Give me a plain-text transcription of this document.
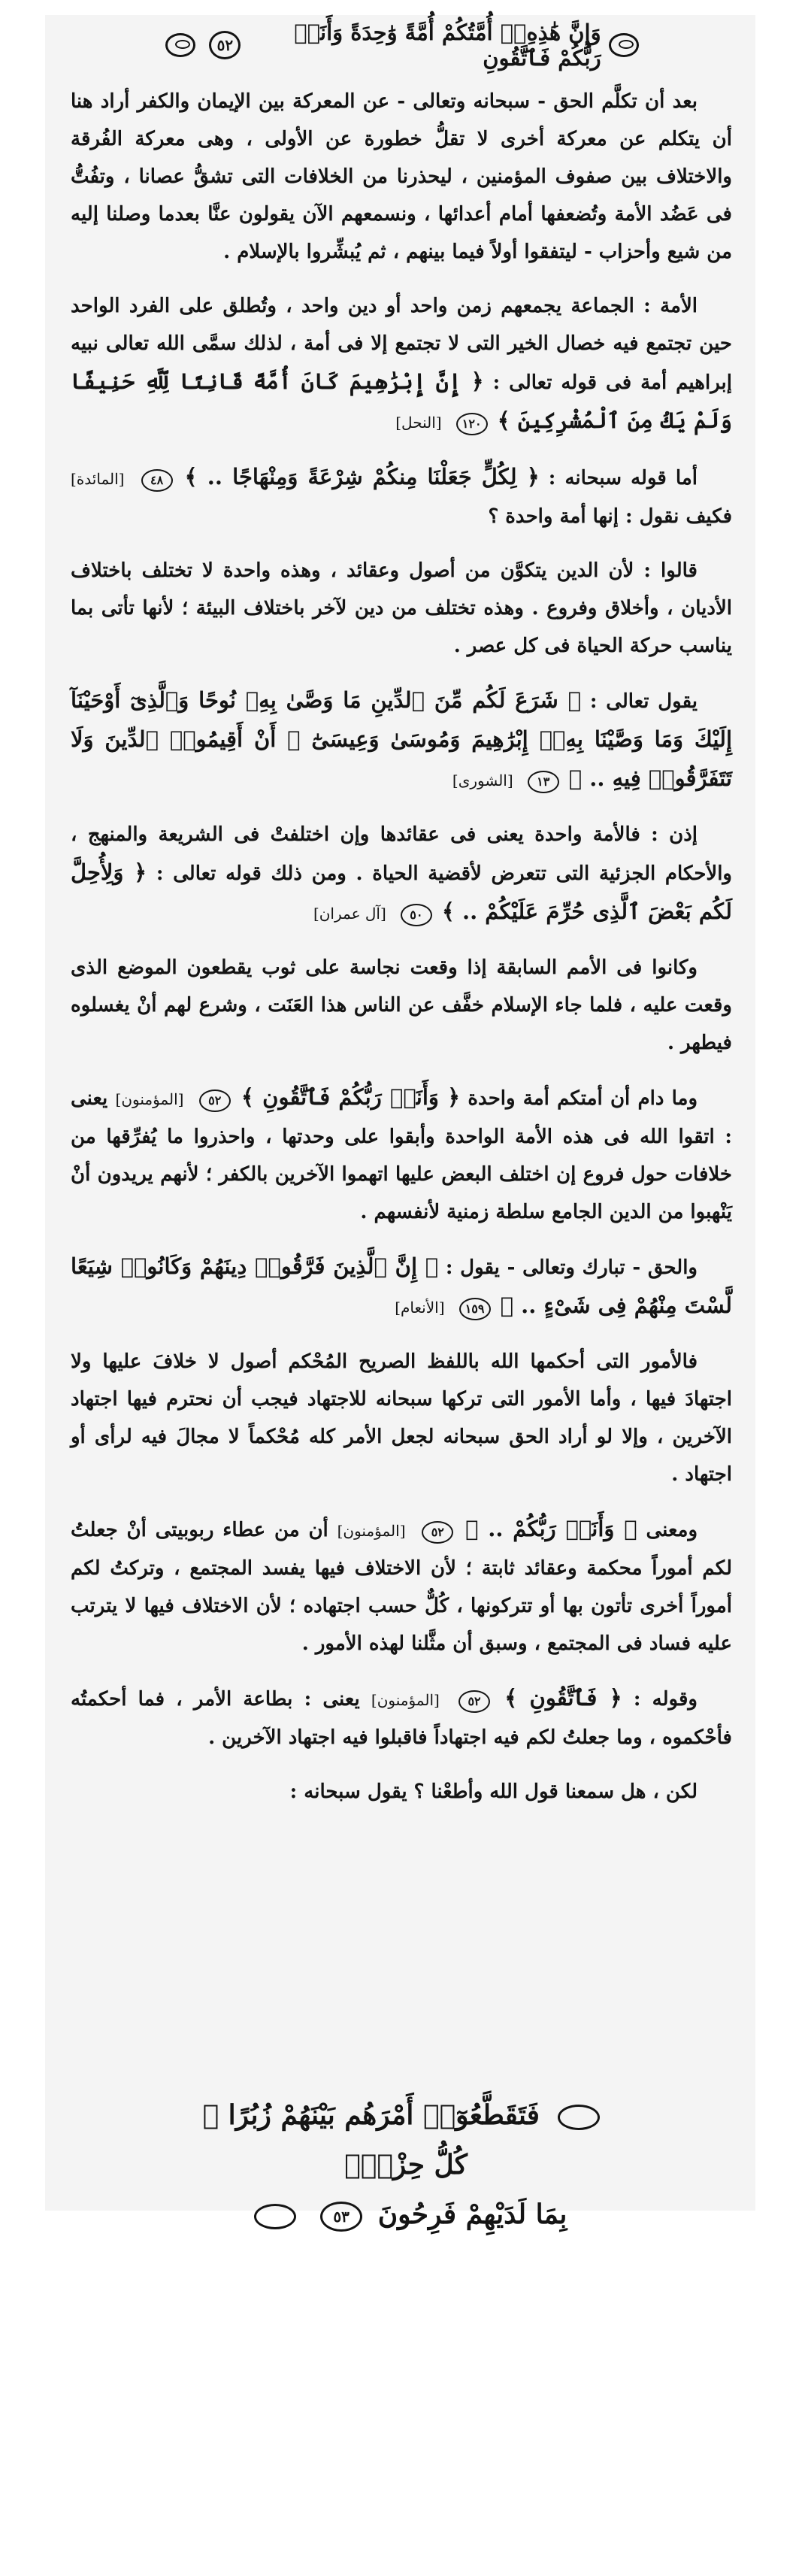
وَإِنَّ هَٰذِهِۦٓ أُمَّتُكُمْ أُمَّةً وَٰحِدَةً وَأَنَا۠ رَبُّكُمْ فَٱتَّقُونِ
٥٢

بعد أن تكلَّم الحق - سبحانه وتعالى - عن المعركة بين الإيمان والكفر أراد هنا أن يتكلم عن معركة أخرى لا تقلُّ خطورة عن الأولى ، وهى معركة الفُرقة والاختلاف بين صفوف المؤمنين ، ليحذرنا من الخلافات التى تشقُّ عصانا ، وتفُتُّ فى عَضُد الأمة وتُضعفها أمام أعدائها ، ونسمعهم الآن يقولون عنَّا بعدما وصلنا إليه من شيع وأحزاب - ليتفقوا أولاً فيما بينهم ، ثم يُبشِّروا بالإسلام .

الأمة : الجماعة يجمعهم زمن واحد أو دين واحد ، وتُطلق على الفرد الواحد حين تجتمع فيه خصال الخير التى لا تجتمع إلا فى أمة ، لذلك سمَّى الله تعالى نبيه إبراهيم أمة فى قوله تعالى : ﴿ إِنَّ إِبْرَٰهِيمَ كَانَ أُمَّةً قَانِتًا لِّلَّهِ حَنِيفًا وَلَمْ يَكُ مِنَ ٱلْمُشْرِكِينَ ﴾ ١٢٠ [النحل]

أما قوله سبحانه : ﴿ لِكُلٍّ جَعَلْنَا مِنكُمْ شِرْعَةً وَمِنْهَاجًا .. ﴾ ٤٨ [المائدة] فكيف نقول : إنها أمة واحدة ؟

قالوا : لأن الدين يتكوَّن من أصول وعقائد ، وهذه واحدة لا تختلف باختلاف الأديان ، وأخلاق وفروع . وهذه تختلف من دين لآخر باختلاف البيئة ؛ لأنها تأتى بما يناسب حركة الحياة فى كل عصر .

يقول تعالى : ﴿ شَرَعَ لَكُم مِّنَ ٱلدِّينِ مَا وَصَّىٰ بِهِۦ نُوحًا وَٱلَّذِىٓ أَوْحَيْنَآ إِلَيْكَ وَمَا وَصَّيْنَا بِهِۦٓ إِبْرَٰهِيمَ وَمُوسَىٰ وَعِيسَىٰٓ ۖ أَنْ أَقِيمُوا۟ ٱلدِّينَ وَلَا تَتَفَرَّقُوا۟ فِيهِ .. ﴾ ١٣ [الشورى]

إذن : فالأمة واحدة يعنى فى عقائدها وإن اختلفتْ فى الشريعة والمنهج ، والأحكام الجزئية التى تتعرض لأقضية الحياة . ومن ذلك قوله تعالى : ﴿ وَلِأُحِلَّ لَكُم بَعْضَ ٱلَّذِى حُرِّمَ عَلَيْكُمْ .. ﴾ ٥٠ [آل عمران]

وكانوا فى الأمم السابقة إذا وقعت نجاسة على ثوب يقطعون الموضع الذى وقعت عليه ، فلما جاء الإسلام خفَّف عن الناس هذا العَنَت ، وشرع لهم أنْ يغسلوه فيطهر .

وما دام أن أمتكم أمة واحدة ﴿ وَأَنَا۠ رَبُّكُمْ فَٱتَّقُونِ ﴾ ٥٢ [المؤمنون] يعنى : اتقوا الله فى هذه الأمة الواحدة وأبقوا على وحدتها ، واحذروا ما يُفرِّقها من خلافات حول فروع إن اختلف البعض عليها اتهموا الآخرين بالكفر ؛ لأنهم يريدون أنْ يَنْهبوا من الدين الجامع سلطة زمنية لأنفسهم .

والحق - تبارك وتعالى - يقول : ﴿ إِنَّ ٱلَّذِينَ فَرَّقُوا۟ دِينَهُمْ وَكَانُوا۟ شِيَعًا لَّسْتَ مِنْهُمْ فِى شَىْءٍ .. ﴾ ١٥٩ [الأنعام]

فالأمور التى أحكمها الله باللفظ الصريح المُحْكم أصول لا خلافَ عليها ولا اجتهادَ فيها ، وأما الأمور التى تركها سبحانه للاجتهاد فيجب أن نحترم فيها اجتهاد الآخرين ، وإلا لو أراد الحق سبحانه لجعل الأمر كله مُحْكماً لا مجالَ فيه لرأى أو اجتهاد .

ومعنى ﴿ وَأَنَا۠ رَبُّكُمْ .. ﴾ ٥٢ [المؤمنون] أن من عطاء ربوبيتى أنْ جعلتُ لكم أموراً محكمة وعقائد ثابتة ؛ لأن الاختلاف فيها يفسد المجتمع ، وتركتُ لكم أموراً أخرى تأتون بها أو تتركونها ، كُلٌّ حسب اجتهاده ؛ لأن الاختلاف فيها لا يترتب عليه فساد فى المجتمع ، وسبق أن مثَّلنا لهذه الأمور .

وقوله : ﴿ فَٱتَّقُونِ ﴾ ٥٢ [المؤمنون] يعنى : بطاعة الأمر ، فما أحكمتُه فأحْكموه ، وما جعلتُ لكم فيه اجتهاداً فاقبلوا فيه اجتهاد الآخرين .

لكن ، هل سمعنا قول الله وأطعْنا ؟ يقول سبحانه :

فَتَقَطَّعُوٓا۟ أَمْرَهُم بَيْنَهُمْ زُبُرًا ۖ كُلُّ حِزْبٍۭ
بِمَا لَدَيْهِمْ فَرِحُونَ ٥٣
